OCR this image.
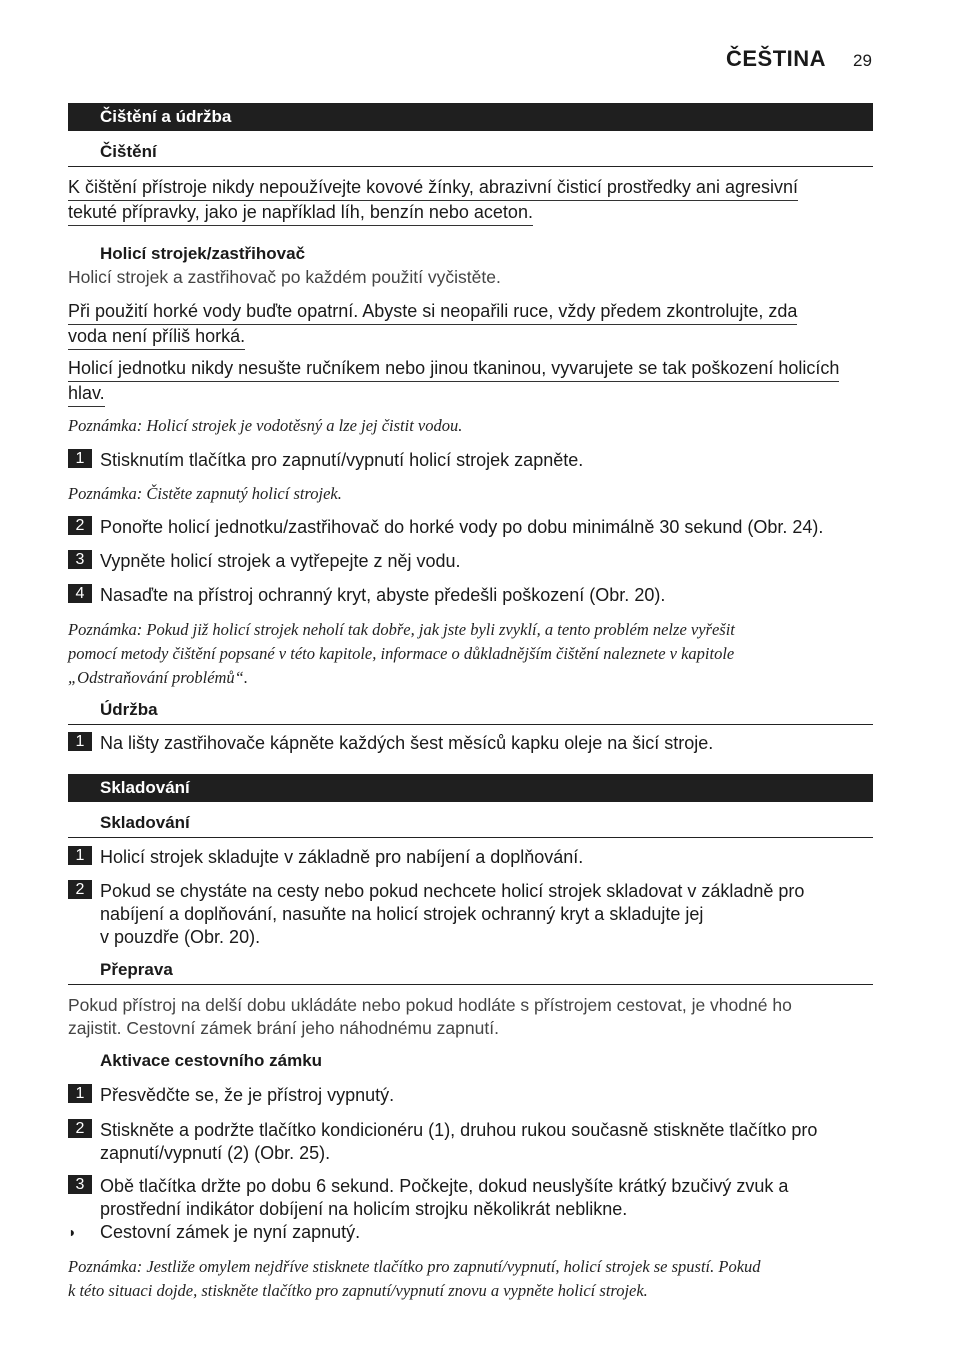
ČEŠTINA 29
Čištění a údržba
Čištění
K čištění přístroje nikdy nepoužívejte kovové žínky, abrazivní čisticí prostředky ani agresivní
tekuté přípravky, jako je například líh, benzín nebo aceton.
Holicí strojek/zastřihovač
Holicí strojek a zastřihovač po každém použití vyčistěte.
Při použití horké vody buďte opatrní. Abyste si neopařili ruce, vždy předem zkontrolujte, zda
voda není příliš horká.
Holicí jednotku nikdy nesušte ručníkem nebo jinou tkaninou, vyvarujete se tak poškození holicích
hlav.
Poznámka: Holicí strojek je vodotěsný a lze jej čistit vodou.
1 Stisknutím tlačítka pro zapnutí/vypnutí holicí strojek zapněte.
Poznámka: Čistěte zapnutý holicí strojek.
2 Ponořte holicí jednotku/zastřihovač do horké vody po dobu minimálně 30 sekund (Obr. 24).
3 Vypněte holicí strojek a vytřepejte z něj vodu.
4 Nasaďte na přístroj ochranný kryt, abyste předešli poškození (Obr. 20).
Poznámka: Pokud již holicí strojek neholí tak dobře, jak jste byli zvyklí, a tento problém nelze vyřešit
pomocí metody čištění popsané v této kapitole, informace o důkladnějším čištění naleznete v kapitole
„Odstraňování problémů“.
Údržba
1 Na lišty zastřihovače kápněte každých šest měsíců kapku oleje na šicí stroje.
Skladování
Skladování
1 Holicí strojek skladujte v základně pro nabíjení a doplňování.
2 Pokud se chystáte na cesty nebo pokud nechcete holicí strojek skladovat v základně pro
nabíjení a doplňování, nasuňte na holicí strojek ochranný kryt a skladujte jej
v pouzdře (Obr. 20).
Přeprava
Pokud přístroj na delší dobu ukládáte nebo pokud hodláte s přístrojem cestovat, je vhodné ho
zajistit. Cestovní zámek brání jeho náhodnému zapnutí.
Aktivace cestovního zámku
1 Přesvědčte se, že je přístroj vypnutý.
2 Stiskněte a podržte tlačítko kondicionéru (1), druhou rukou současně stiskněte tlačítko pro
zapnutí/vypnutí (2) (Obr. 25).
3 Obě tlačítka držte po dobu 6 sekund. Počkejte, dokud neuslyšíte krátký bzučivý zvuk a
prostřední indikátor dobíjení na holicím strojku několikrát neblikne.
◗ Cestovní zámek je nyní zapnutý.
Poznámka: Jestliže omylem nejdříve stisknete tlačítko pro zapnutí/vypnutí, holicí strojek se spustí. Pokud
k této situaci dojde, stiskněte tlačítko pro zapnutí/vypnutí znovu a vypněte holicí strojek.
